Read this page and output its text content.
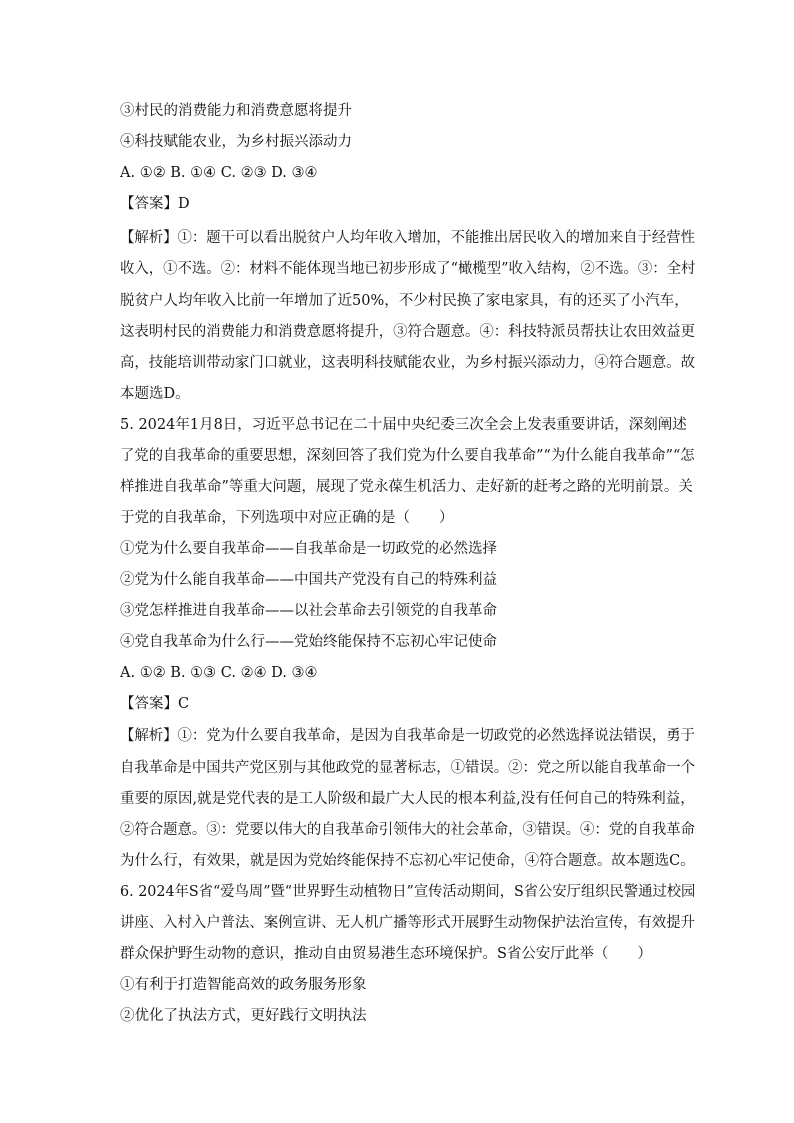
③村民的消费能力和消费意愿将提升
④科技赋能农业，为乡村振兴添动力
A. ①② B. ①④ C. ②③ D. ③④
【答案】D
【解析】①：题干可以看出脱贫户人均年收入增加，不能推出居民收入的增加来自于经营性
收入，①不选。②：材料不能体现当地已初步形成了“橄榄型”收入结构，②不选。③：全村
脱贫户人均年收入比前一年增加了近50%，不少村民换了家电家具，有的还买了小汽车，
这表明村民的消费能力和消费意愿将提升，③符合题意。④：科技特派员帮扶让农田效益更
高，技能培训带动家门口就业，这表明科技赋能农业，为乡村振兴添动力，④符合题意。故
本题选D。
5. 2024年1月8日，习近平总书记在二十届中央纪委三次全会上发表重要讲话，深刻阐述
了党的自我革命的重要思想，深刻回答了我们党为什么要自我革命”“为什么能自我革命”“怎
样推进自我革命”等重大问题，展现了党永葆生机活力、走好新的赶考之路的光明前景。关
于党的自我革命，下列选项中对应正确的是（　　）
①党为什么要自我革命——自我革命是一切政党的必然选择
②党为什么能自我革命——中国共产党没有自己的特殊利益
③党怎样推进自我革命——以社会革命去引领党的自我革命
④党自我革命为什么行——党始终能保持不忘初心牢记使命
A. ①② B. ①③ C. ②④ D. ③④
【答案】C
【解析】①：党为什么要自我革命，是因为自我革命是一切政党的必然选择说法错误，勇于
自我革命是中国共产党区别与其他政党的显著标志，①错误。②：党之所以能自我革命一个
重要的原因,就是党代表的是工人阶级和最广大人民的根本利益,没有任何自己的特殊利益，
②符合题意。③：党要以伟大的自我革命引领伟大的社会革命，③错误。④：党的自我革命
为什么行，有效果，就是因为党始终能保持不忘初心牢记使命，④符合题意。故本题选C。
6. 2024年S省“爱鸟周”暨“世界野生动植物日”宣传活动期间，S省公安厅组织民警通过校园
讲座、入村入户普法、案例宣讲、无人机广播等形式开展野生动物保护法治宣传，有效提升
群众保护野生动物的意识，推动自由贸易港生态环境保护。S省公安厅此举（　　）
①有利于打造智能高效的政务服务形象
②优化了执法方式，更好践行文明执法
